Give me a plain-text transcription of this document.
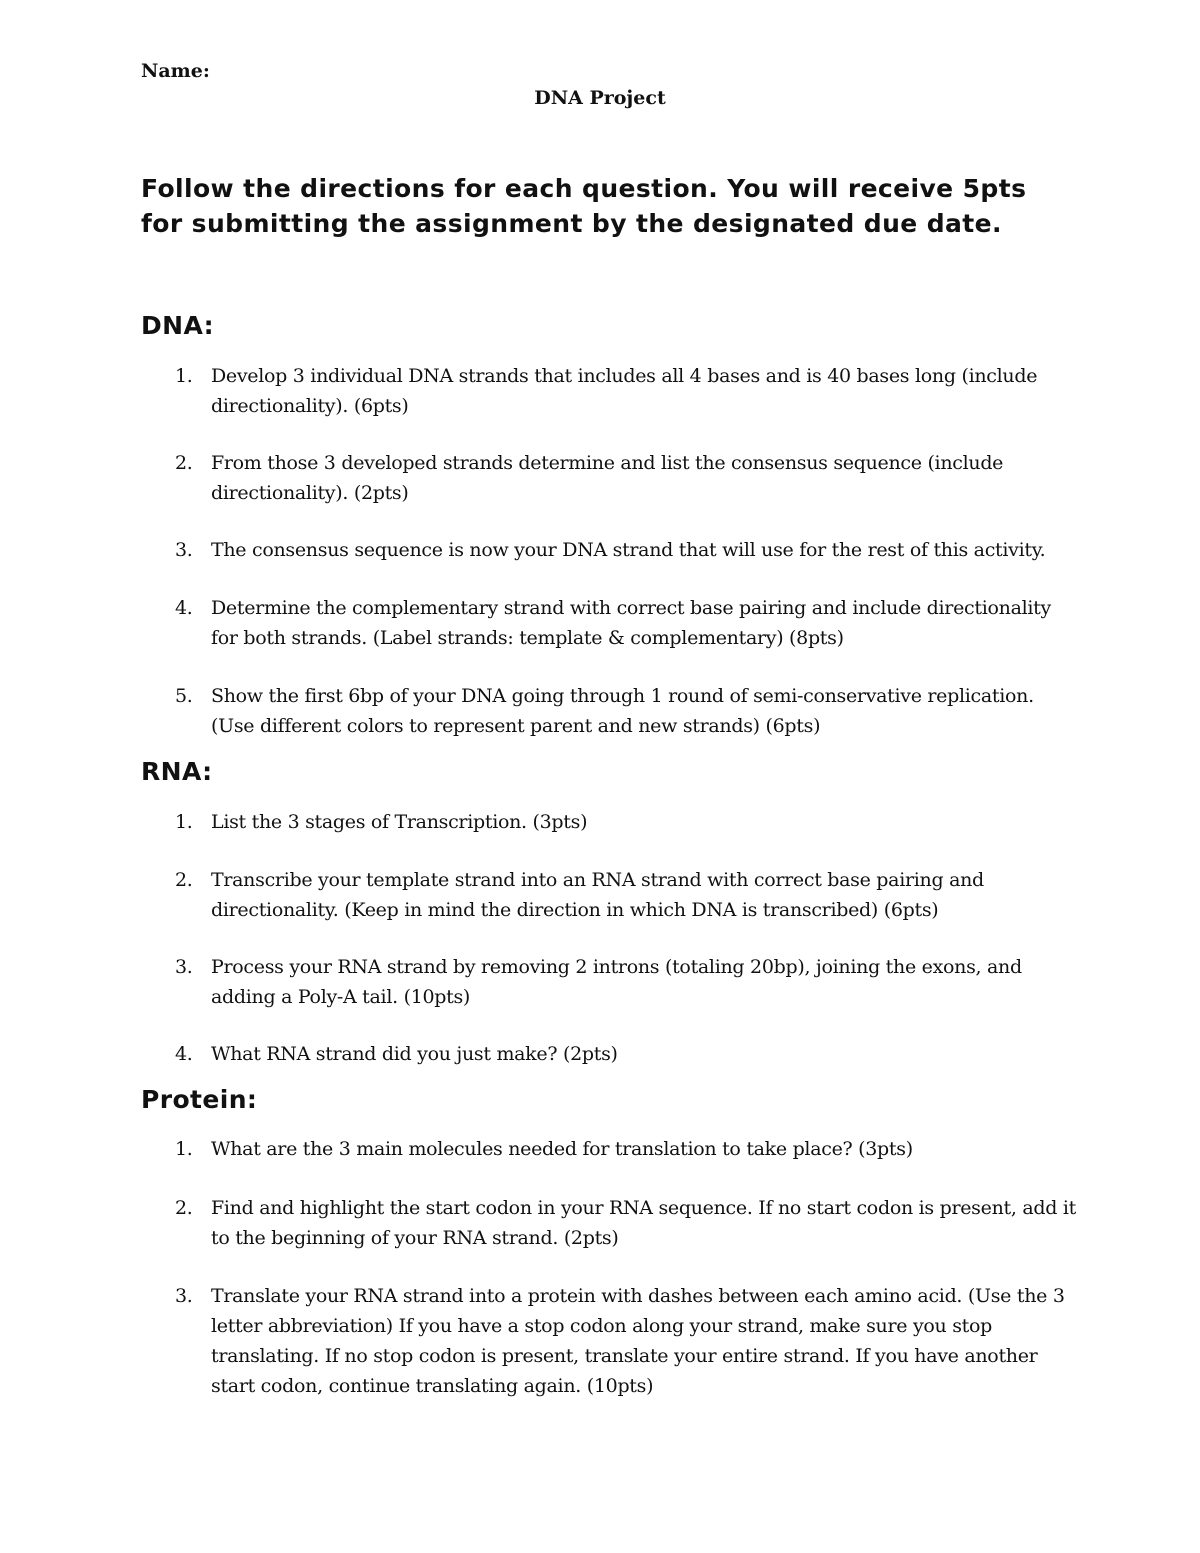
Name:
DNA Project
Follow the directions for each question. You will receive 5pts for submitting the assignment by the designated due date.
DNA:
1. Develop 3 individual DNA strands that includes all 4 bases and is 40 bases long (include directionality). (6pts)
2. From those 3 developed strands determine and list the consensus sequence (include directionality). (2pts)
3. The consensus sequence is now your DNA strand that will use for the rest of this activity.
4. Determine the complementary strand with correct base pairing and include directionality for both strands. (Label strands: template & complementary) (8pts)
5. Show the first 6bp of your DNA going through 1 round of semi-conservative replication. (Use different colors to represent parent and new strands) (6pts)
RNA:
1. List the 3 stages of Transcription. (3pts)
2. Transcribe your template strand into an RNA strand with correct base pairing and directionality. (Keep in mind the direction in which DNA is transcribed) (6pts)
3. Process your RNA strand by removing 2 introns (totaling 20bp), joining the exons, and adding a Poly-A tail. (10pts)
4. What RNA strand did you just make? (2pts)
Protein:
1. What are the 3 main molecules needed for translation to take place? (3pts)
2. Find and highlight the start codon in your RNA sequence. If no start codon is present, add it to the beginning of your RNA strand. (2pts)
3. Translate your RNA strand into a protein with dashes between each amino acid. (Use the 3 letter abbreviation) If you have a stop codon along your strand, make sure you stop translating. If no stop codon is present, translate your entire strand. If you have another start codon, continue translating again. (10pts)
